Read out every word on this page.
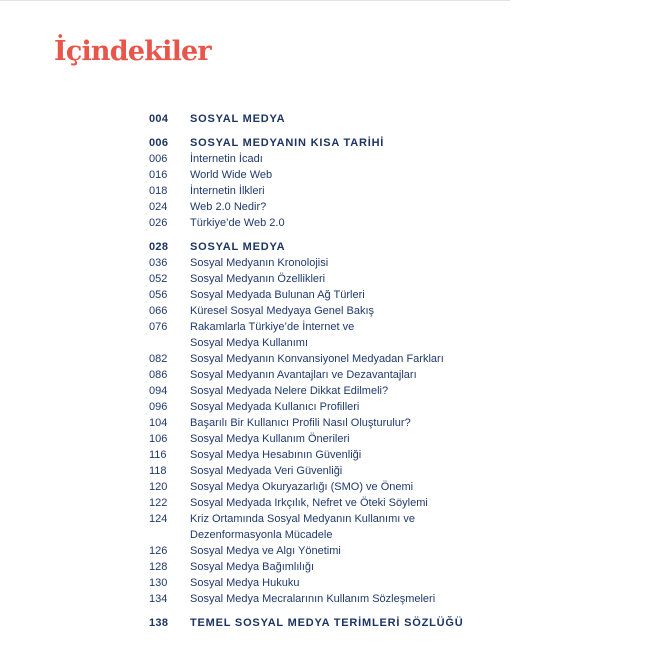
İçindekiler
004	SOSYAL MEDYA
006	SOSYAL MEDYANIN KISA TARİHİ
006	İnternetin İcadı
016	World Wide Web
018	İnternetin İlkleri
024	Web 2.0 Nedir?
026	Türkiye’de Web 2.0
028	SOSYAL MEDYA
036	Sosyal Medyanın Kronolojisi
052	Sosyal Medyanın Özellikleri
056	Sosyal Medyada Bulunan Ağ Türleri
066	Küresel Sosyal Medyaya Genel Bakış
076	Rakamlarla Türkiye’de İnternet ve
Sosyal Medya Kullanımı
082	Sosyal Medyanın Konvansiyonel Medyadan Farkları
086	Sosyal Medyanın Avantajları ve Dezavantajları
094	Sosyal Medyada Nelere Dikkat Edilmeli?
096	Sosyal Medyada Kullanıcı Profilleri
104	Başarılı Bir Kullanıcı Profili Nasıl Oluşturulur?
106	Sosyal Medya Kullanım Önerileri
116	Sosyal Medya Hesabının Güvenliği
118	Sosyal Medyada Veri Güvenliği
120	Sosyal Medya Okuryazarlığı (SMO) ve Önemi
122	Sosyal Medyada Irkçılık, Nefret ve Öteki Söylemi
124	Kriz Ortamında Sosyal Medyanın Kullanımı ve
Dezenformasyonla Mücadele
126	Sosyal Medya ve Algı Yönetimi
128	Sosyal Medya Bağımlılığı
130	Sosyal Medya Hukuku
134	Sosyal Medya Mecralarının Kullanım Sözleşmeleri
138	TEMEL SOSYAL MEDYA TERİMLERİ SÖZLÜĞÜ
